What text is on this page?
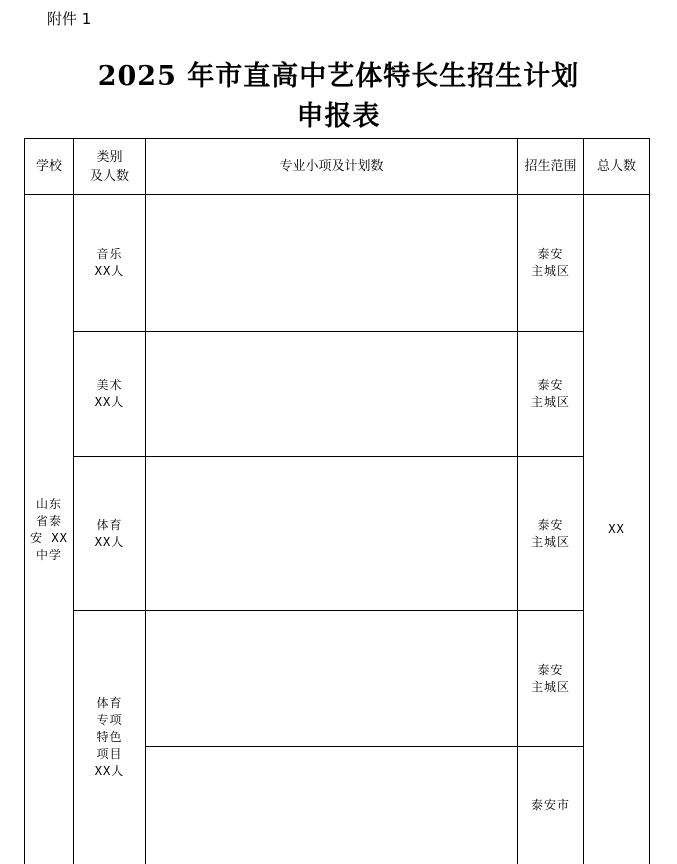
附件 1
2025 年市直高中艺体特长生招生计划
申报表
学校
类别
及人数
专业小项及计划数	招生范围	总人数
山东
省泰
安 XX
中学
XX
音乐
XX人
泰安
主城区
美术
XX人
泰安
主城区
体育
XX人
泰安
主城区
体育
专项
特色
项目
XX人
泰安
主城区
泰安市
